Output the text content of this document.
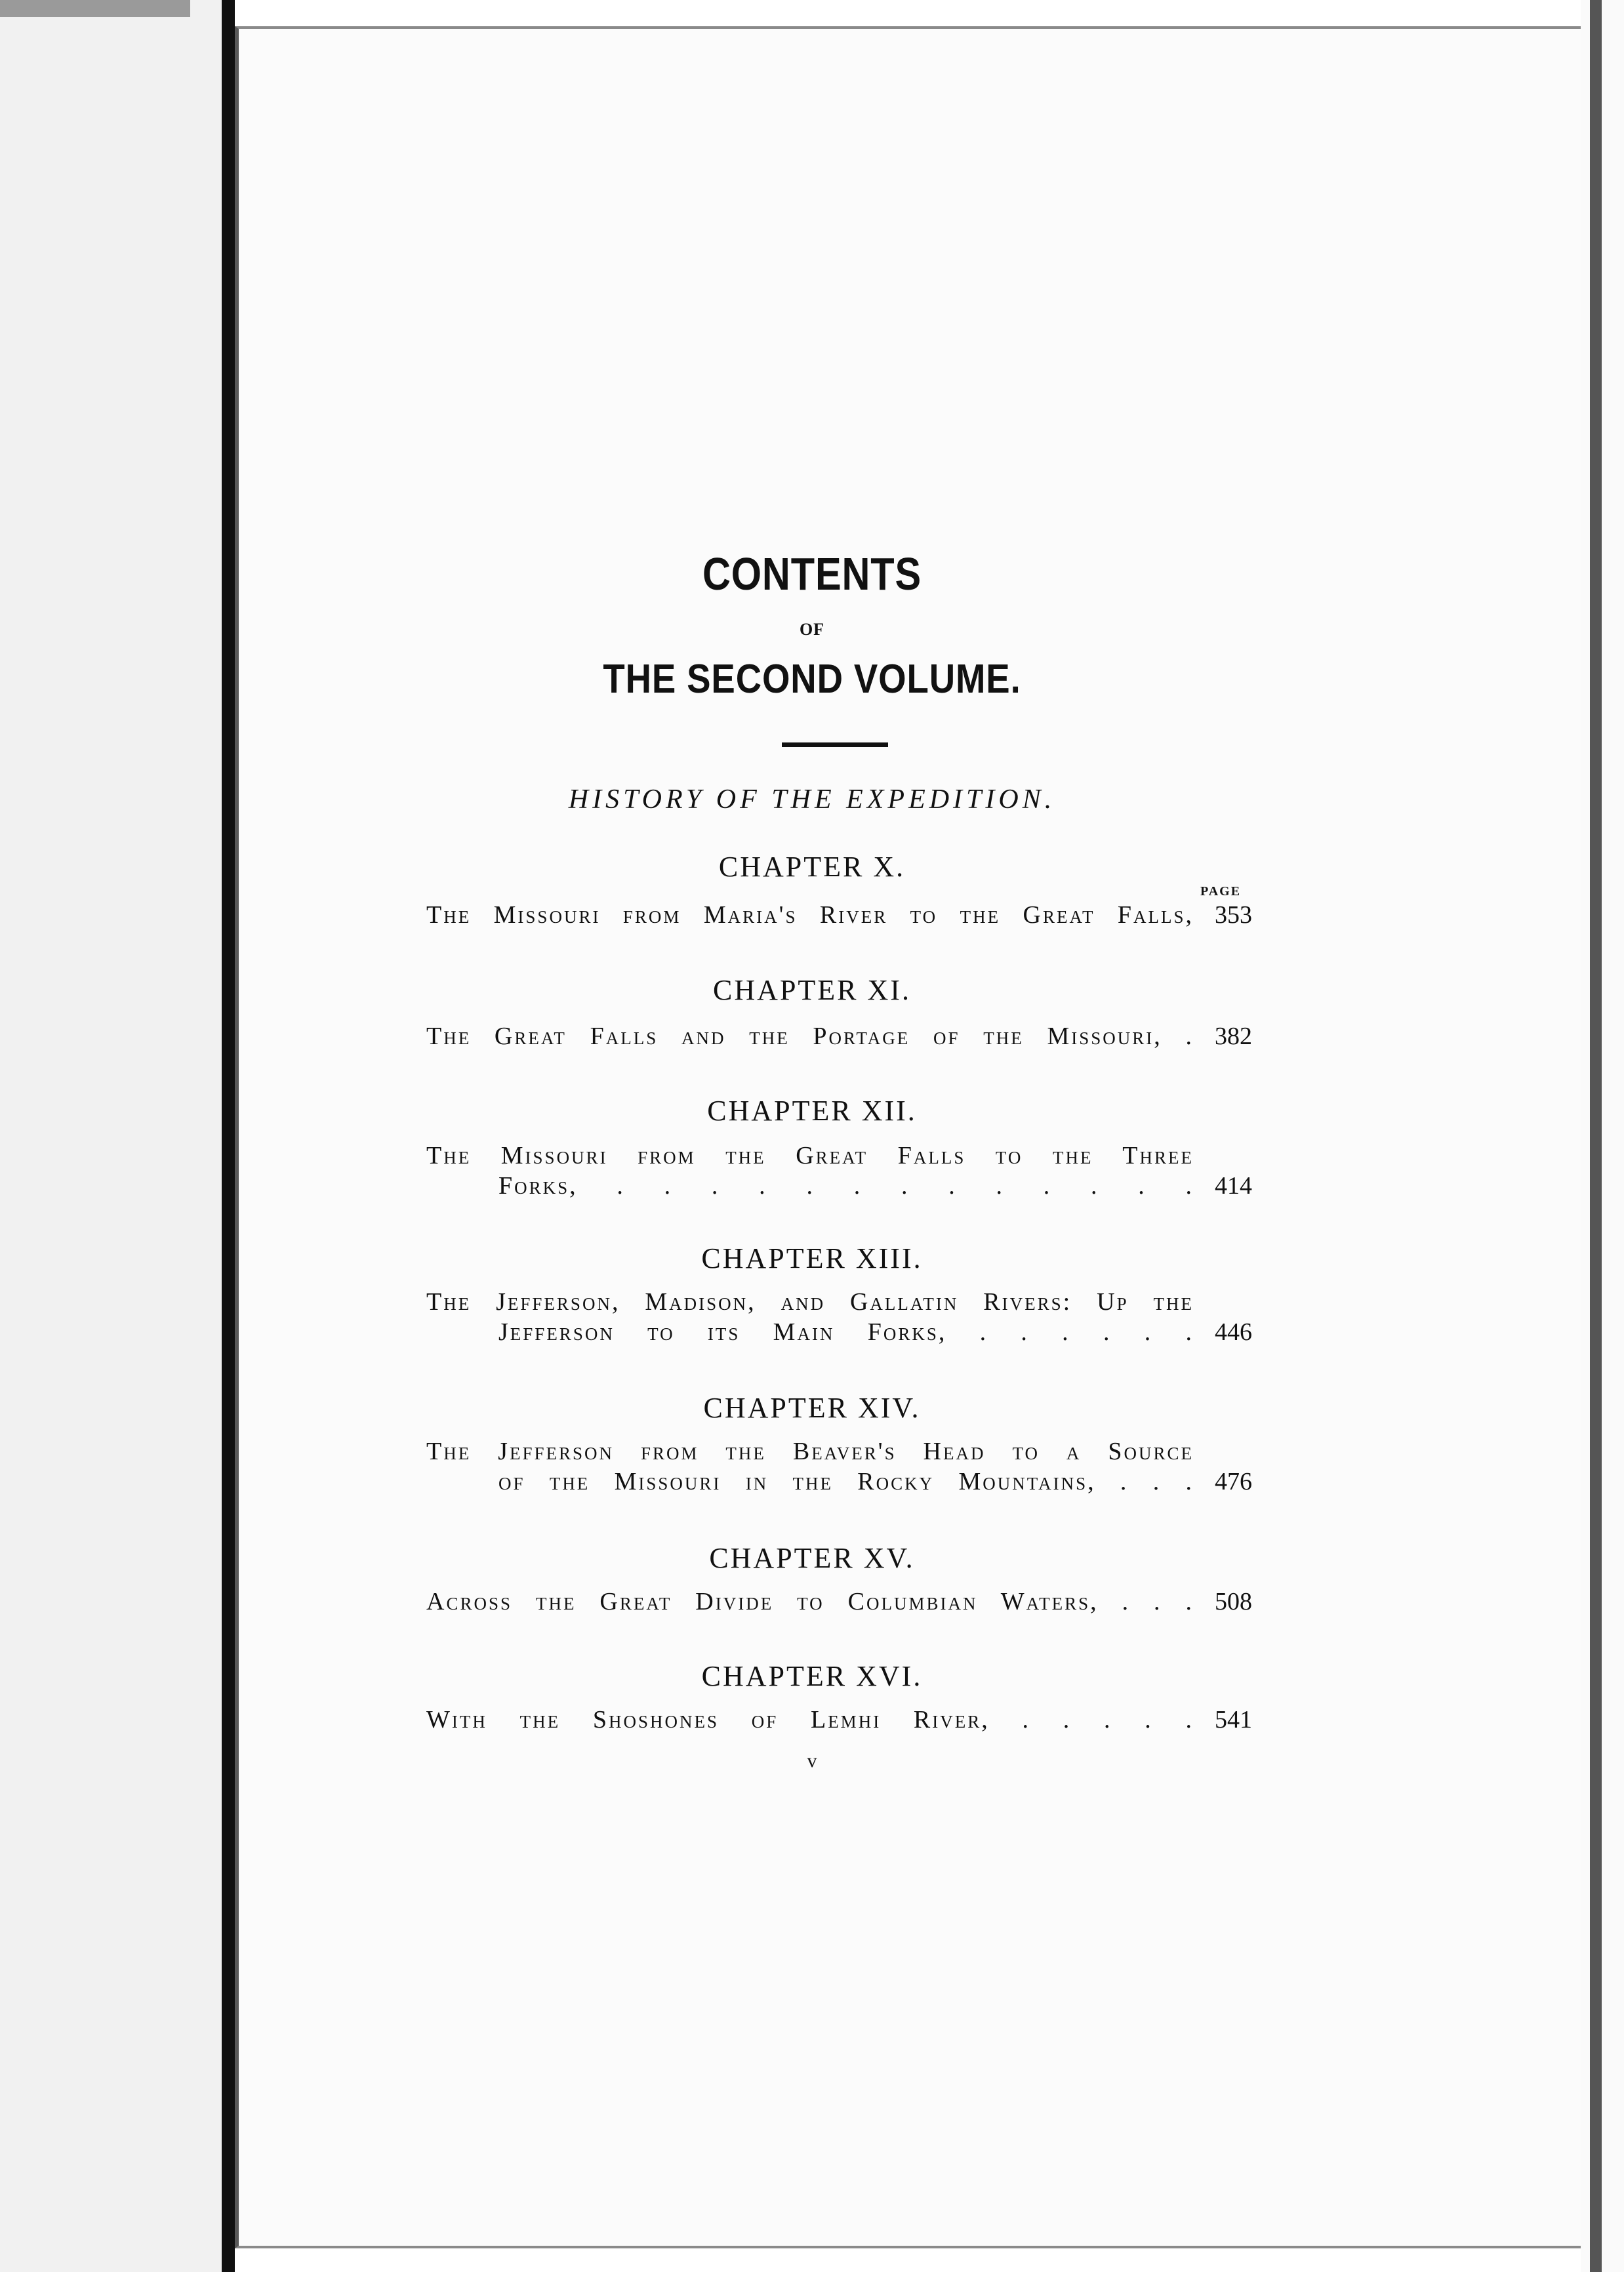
CONTENTS
OF
THE SECOND VOLUME.
HISTORY OF THE EXPEDITION.
PAGE
CHAPTER X.
The Missouri from Maria's River to the Great Falls, 353
CHAPTER XI.
The Great Falls and the Portage of the Missouri, . 382
CHAPTER XII.
The Missouri from the Great Falls to the Three
Forks, . . . . . . . . . . . . . 414
CHAPTER XIII.
The Jefferson, Madison, and Gallatin Rivers: Up the
Jefferson to its Main Forks, . . . . . . 446
CHAPTER XIV.
The Jefferson from the Beaver's Head to a Source
of the Missouri in the Rocky Mountains, . . . 476
CHAPTER XV.
Across the Great Divide to Columbian Waters, . . . 508
CHAPTER XVI.
With the Shoshones of Lemhi River, . . . . . 541
v
